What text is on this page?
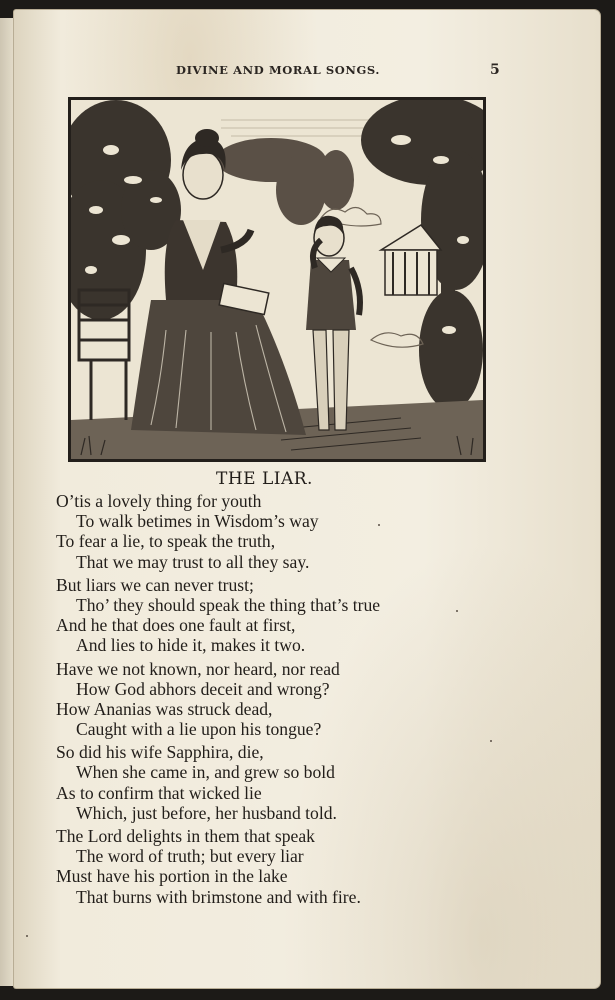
DIVINE AND MORAL SONGS.	5
THE LIAR.
O’tis a lovely thing for youth
To walk betimes in Wisdom’s way
To fear a lie, to speak the truth,
That we may trust to all they say.
But liars we can never trust;
Tho’ they should speak the thing that’s true
And he that does one fault at first,
And lies to hide it, makes it two.
Have we not known, nor heard, nor read
How God abhors deceit and wrong?
How Ananias was struck dead,
Caught with a lie upon his tongue?
So did his wife Sapphira, die,
When she came in, and grew so bold
As to confirm that wicked lie
Which, just before, her husband told.
The Lord delights in them that speak
The word of truth; but every liar
Must have his portion in the lake
That burns with brimstone and with fire.
